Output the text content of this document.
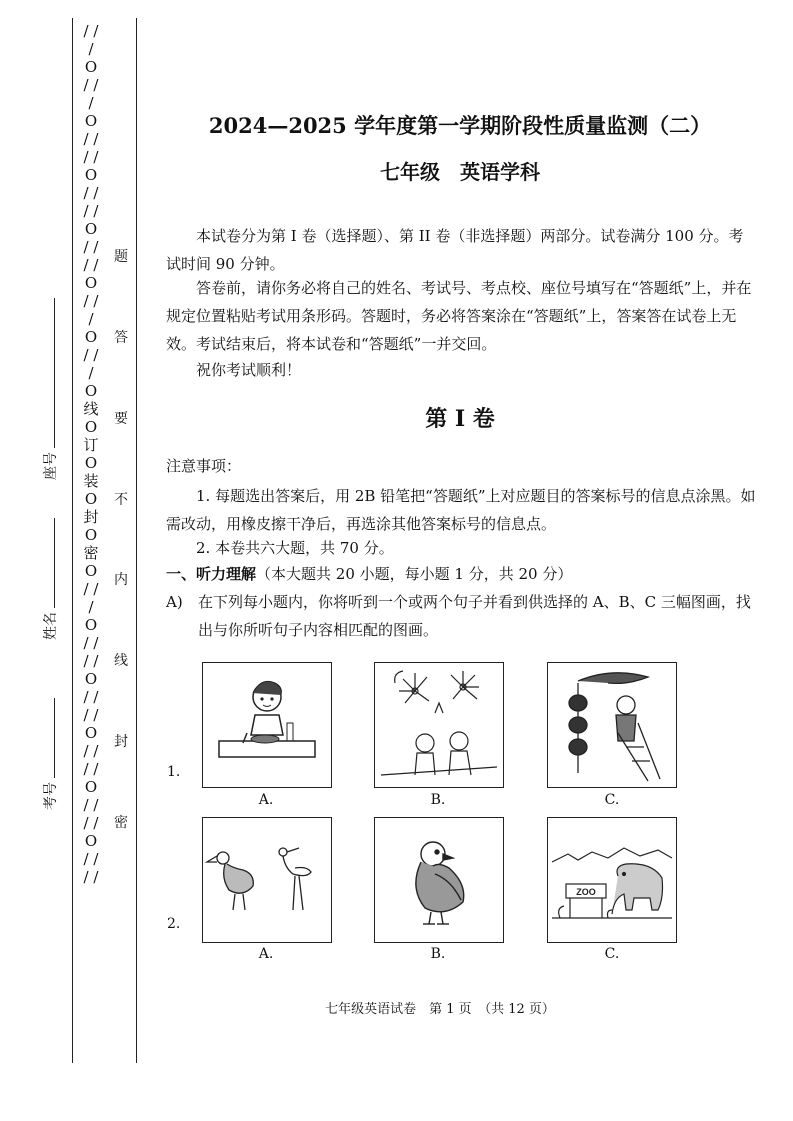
/ / / O / / / O / / / / O / / / / O / / / / O / / / O / / / O 线 O 订 O 装 O 封 O 密 O / / / O / / / / O / / / / O / / / / O / / / / O / / / /
题
答
要
不
内
线
封
密
考号
姓名
座号
2024—2025 学年度第一学期阶段性质量监测（二）
七年级　英语学科
本试卷分为第 I 卷（选择题）、第 II 卷（非选择题）两部分。试卷满分 100 分。考试时间 90 分钟。
答卷前，请你务必将自己的姓名、考试号、考点校、座位号填写在“答题纸”上，并在规定位置粘贴考试用条形码。答题时，务必将答案涂在“答题纸”上，答案答在试卷上无效。考试结束后，将本试卷和“答题纸”一并交回。
祝你考试顺利！
第 I 卷
注意事项：
1. 每题选出答案后，用 2B 铅笔把“答题纸”上对应题目的答案标号的信息点涂黑。如需改动，用橡皮擦干净后，再选涂其他答案标号的信息点。
2. 本卷共六大题，共 70 分。
一、听力理解（本大题共 20 小题，每小题 1 分，共 20 分）
A) 在下列每小题内，你将听到一个或两个句子并看到供选择的 A、B、C 三幅图画，找出与你所听句子内容相匹配的图画。
1.
A.	B.	C.
2.
A.	B.
ZOO
C.
七年级英语试卷　第 1 页　（共 12 页）
